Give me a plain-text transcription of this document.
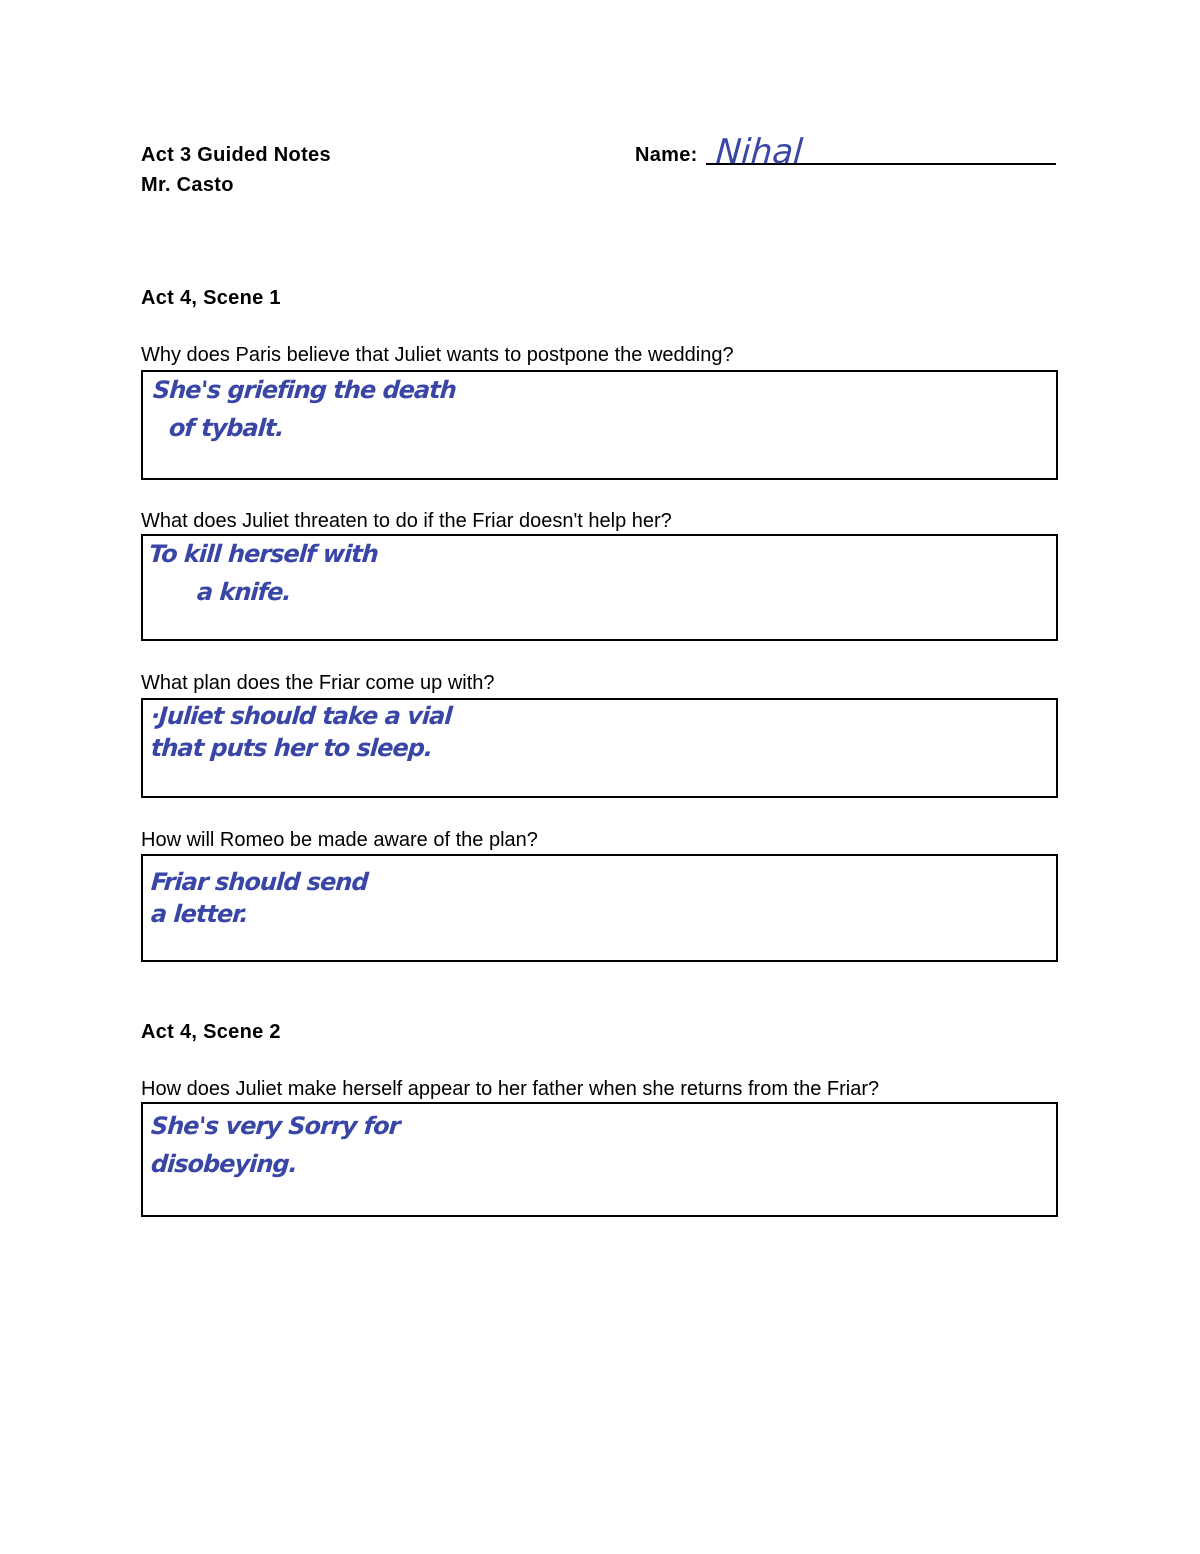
Act 3 Guided Notes
Mr. Casto
Name: Nihal
Act 4, Scene 1
Why does Paris believe that Juliet wants to postpone the wedding?
She's griefing the death
of tybalt.
What does Juliet threaten to do if the Friar doesn't help her?
To kill herself with
a knife.
What plan does the Friar come up with?
·Juliet should take a vial
that puts her to sleep.
How will Romeo be made aware of the plan?
Friar should send
a letter.
Act 4, Scene 2
How does Juliet make herself appear to her father when she returns from the Friar?
She's very Sorry for
disobeying.
